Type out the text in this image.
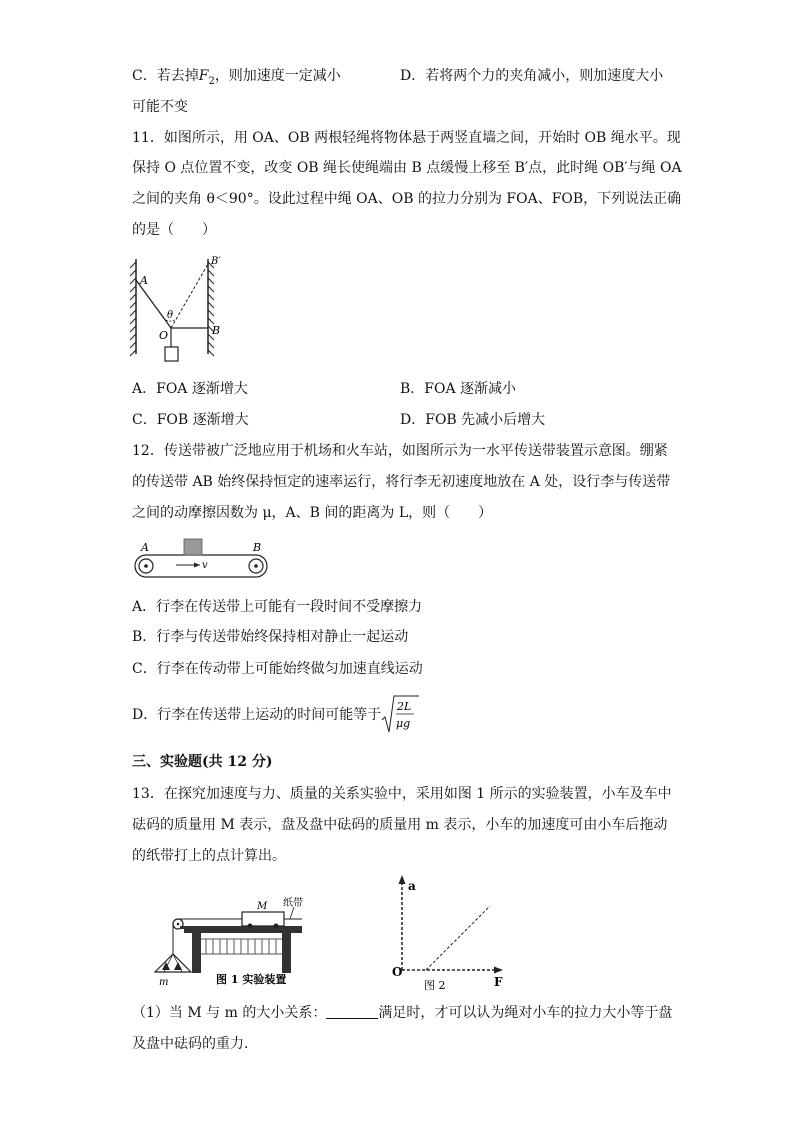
C．若去掉$F_2$，则加速度一定减小	D．若将两个力的夹角减小，则加速度大小
可能不变
11．如图所示，用 OA、OB 两根轻绳将物体悬于两竖直墙之间，开始时 OB 绳水平。现
保持 O 点位置不变，改变 OB 绳长使绳端由 B 点缓慢上移至 B′点，此时绳 OB′与绳 OA
之间的夹角 θ＜90°。设此过程中绳 OA、OB 的拉力分别为 FOA、FOB，下列说法正确
的是（　　）
A
B′
θ
O	B
A．FOA 逐渐增大	B．FOA 逐渐减小
C．FOB 逐渐增大	D．FOB 先减小后增大
12．传送带被广泛地应用于机场和火车站，如图所示为一水平传送带装置示意图。绷紧
的传送带 AB 始终保持恒定的速率运行，将行李无初速度地放在 A 处，设行李与传送带
之间的动摩擦因数为 μ，A、B 间的距离为 L，则（　　）
v
A	B
A．行李在传送带上可能有一段时间不受摩擦力
B．行李与传送带始终保持相对静止一起运动
C．行李在传动带上可能始终做匀加速直线运动
D．行李在传送带上运动的时间可能等于
2L
μg
三、实验题(共 12 分)
13．在探究加速度与力、质量的关系实验中，采用如图 1 所示的实验装置，小车及车中
砝码的质量用 M 表示，盘及盘中砝码的质量用 m 表示，小车的加速度可由小车后拖动
的纸带打上的点计算出。
M 纸带
m	图 1 实验装置
a
O
F
图 2
（1）当 M 与 m 的大小关系：	满足时，才可以认为绳对小车的拉力大小等于盘
及盘中砝码的重力．
